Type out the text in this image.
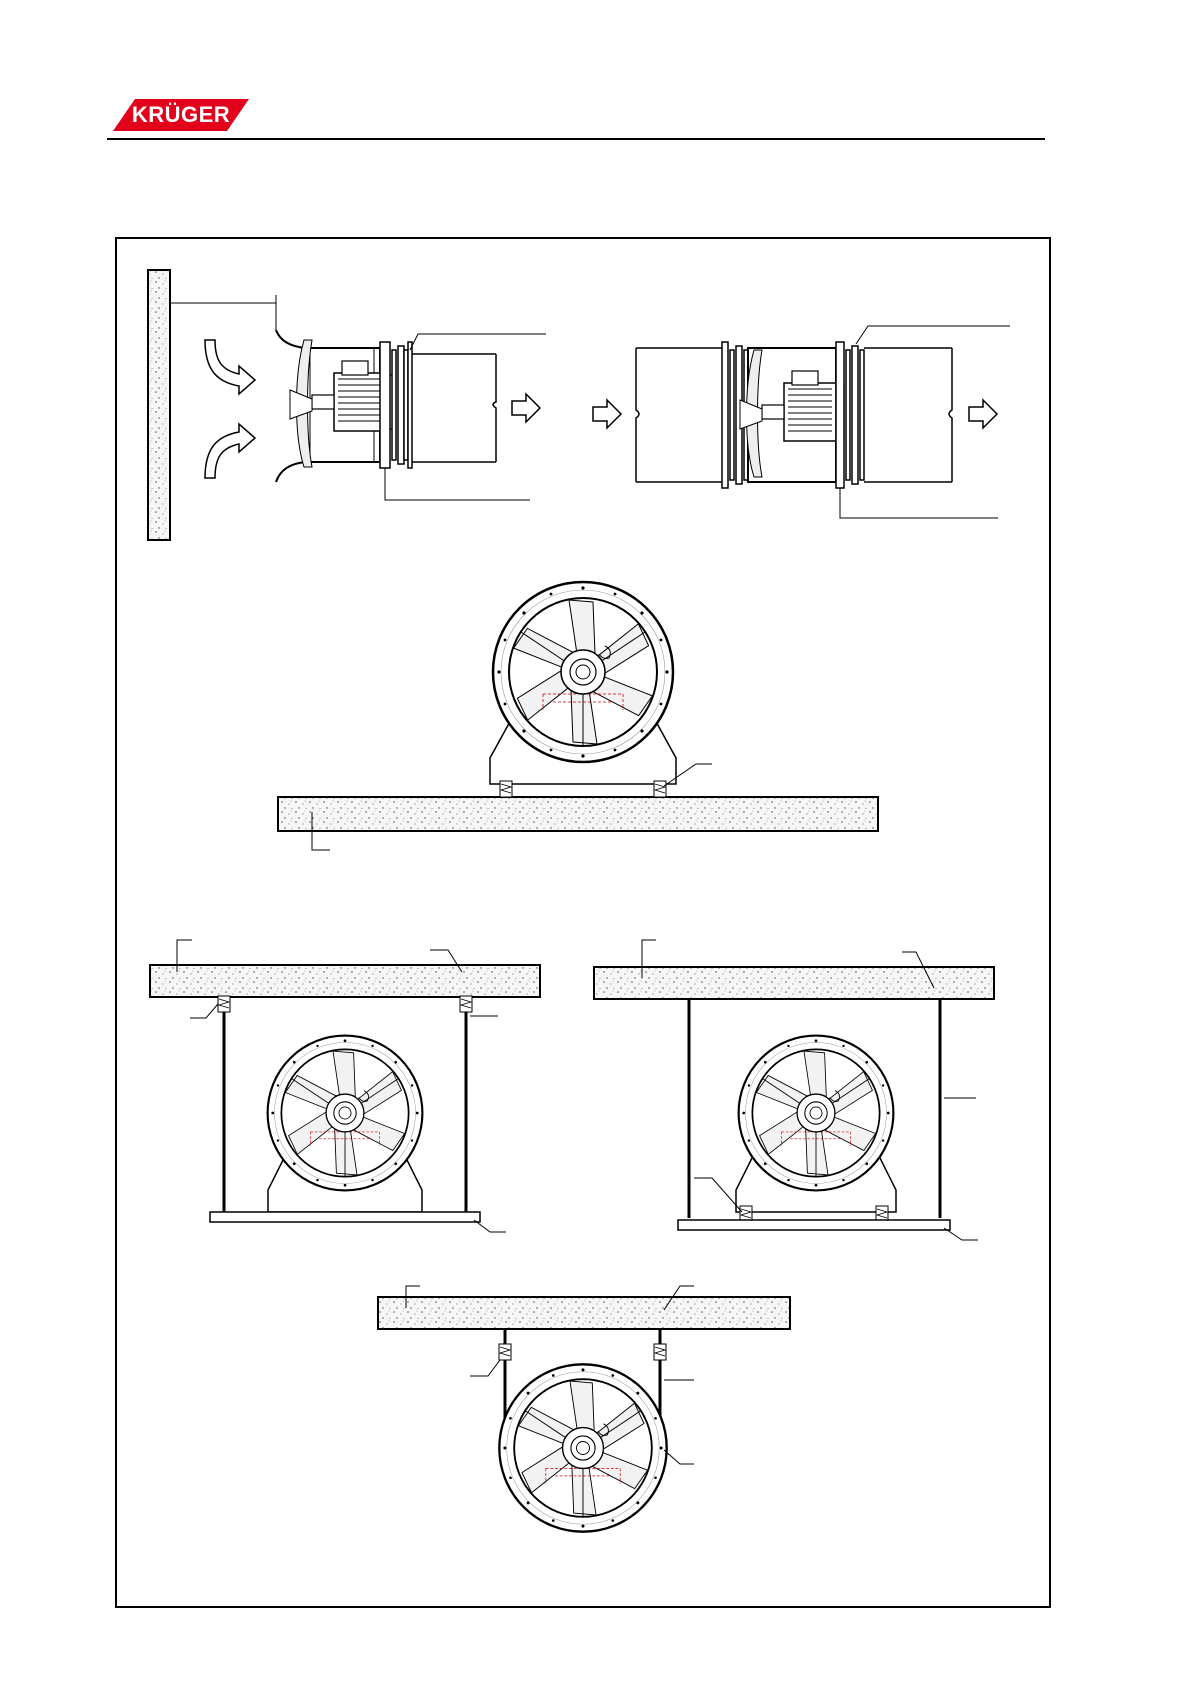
KRÜGER
